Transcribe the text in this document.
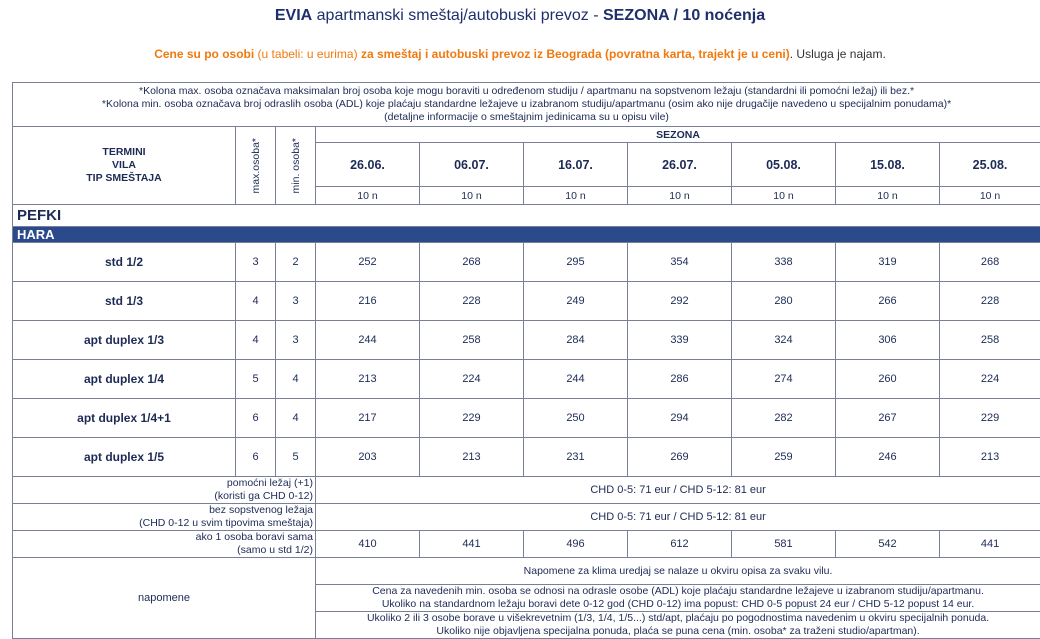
EVIA apartmanski smeštaj/autobuski prevoz - SEZONA / 10 noćenja
Cene su po osobi (u tabeli: u eurima) za smeštaj i autobuski prevoz iz Beograda (povratna karta, trajekt je u ceni). Usluga je najam.
*Kolona max. osoba označava maksimalan broj osoba koje mogu boraviti u određenom studiju / apartmanu na sopstvenom ležaju (standardni ili pomoćni ležaj) ili bez.*
*Kolona min. osoba označava broj odraslih osoba (ADL) koje plaćaju standardne ležajeve u izabranom studiju/apartmanu (osim ako nije drugačije navedeno u specijalnim ponudama)*
(detaljne informacije o smeštajnim jedinicama su u opisu vile)									

TERMINI
VILA
TIP SMEŠTAJA	max.osoba*	min. osoba*	SEZONA						
			26.06.	06.07.	16.07.	26.07.	05.08.	15.08.	25.08.
			10 n	10 n	10 n	10 n	10 n	10 n	10 n
PEFKI									
HARA									
std 1/2	3	2	252	268	295	354	338	319	268
std 1/3	4	3	216	228	249	292	280	266	228
apt duplex 1/3	4	3	244	258	284	339	324	306	258
apt duplex 1/4	5	4	213	224	244	286	274	260	224
apt duplex 1/4+1	6	4	217	229	250	294	282	267	229
apt duplex 1/5	6	5	203	213	231	269	259	246	213

pomoćni ležaj (+1)
(koristi ga CHD 0-12)			CHD 0-5: 71 eur / CHD 5-12: 81 eur						

bez sopstvenog ležaja
(CHD 0-12 u svim tipovima smeštaja)			CHD 0-5: 71 eur / CHD 5-12: 81 eur						

ako 1 osoba boravi sama
(samo u std 1/2)			410	441	496	612	581	542	441
napomene			Napomene za klima uredjaj se nalaze u okviru opisa za svaku vilu.						

			Cena za navedenih min. osoba se odnosi na odrasle osobe (ADL) koje plaćaju standardne ležajeve u izabranom studiju/apartmanu.
Ukoliko na standardnom ležaju boravi dete 0-12 god (CHD 0-12) ima popust: CHD 0-5 popust 24 eur / CHD 5-12 popust 14 eur.						

			Ukoliko 2 ili 3 osobe borave u višekrevetnim (1/3, 1/4, 1/5...) std/apt, plaćaju po pogodnostima navedenim u okviru specijalnih ponuda.
Ukoliko nije objavljena specijalna ponuda, plaća se puna cena (min. osoba* za traženi studio/apartman).						
